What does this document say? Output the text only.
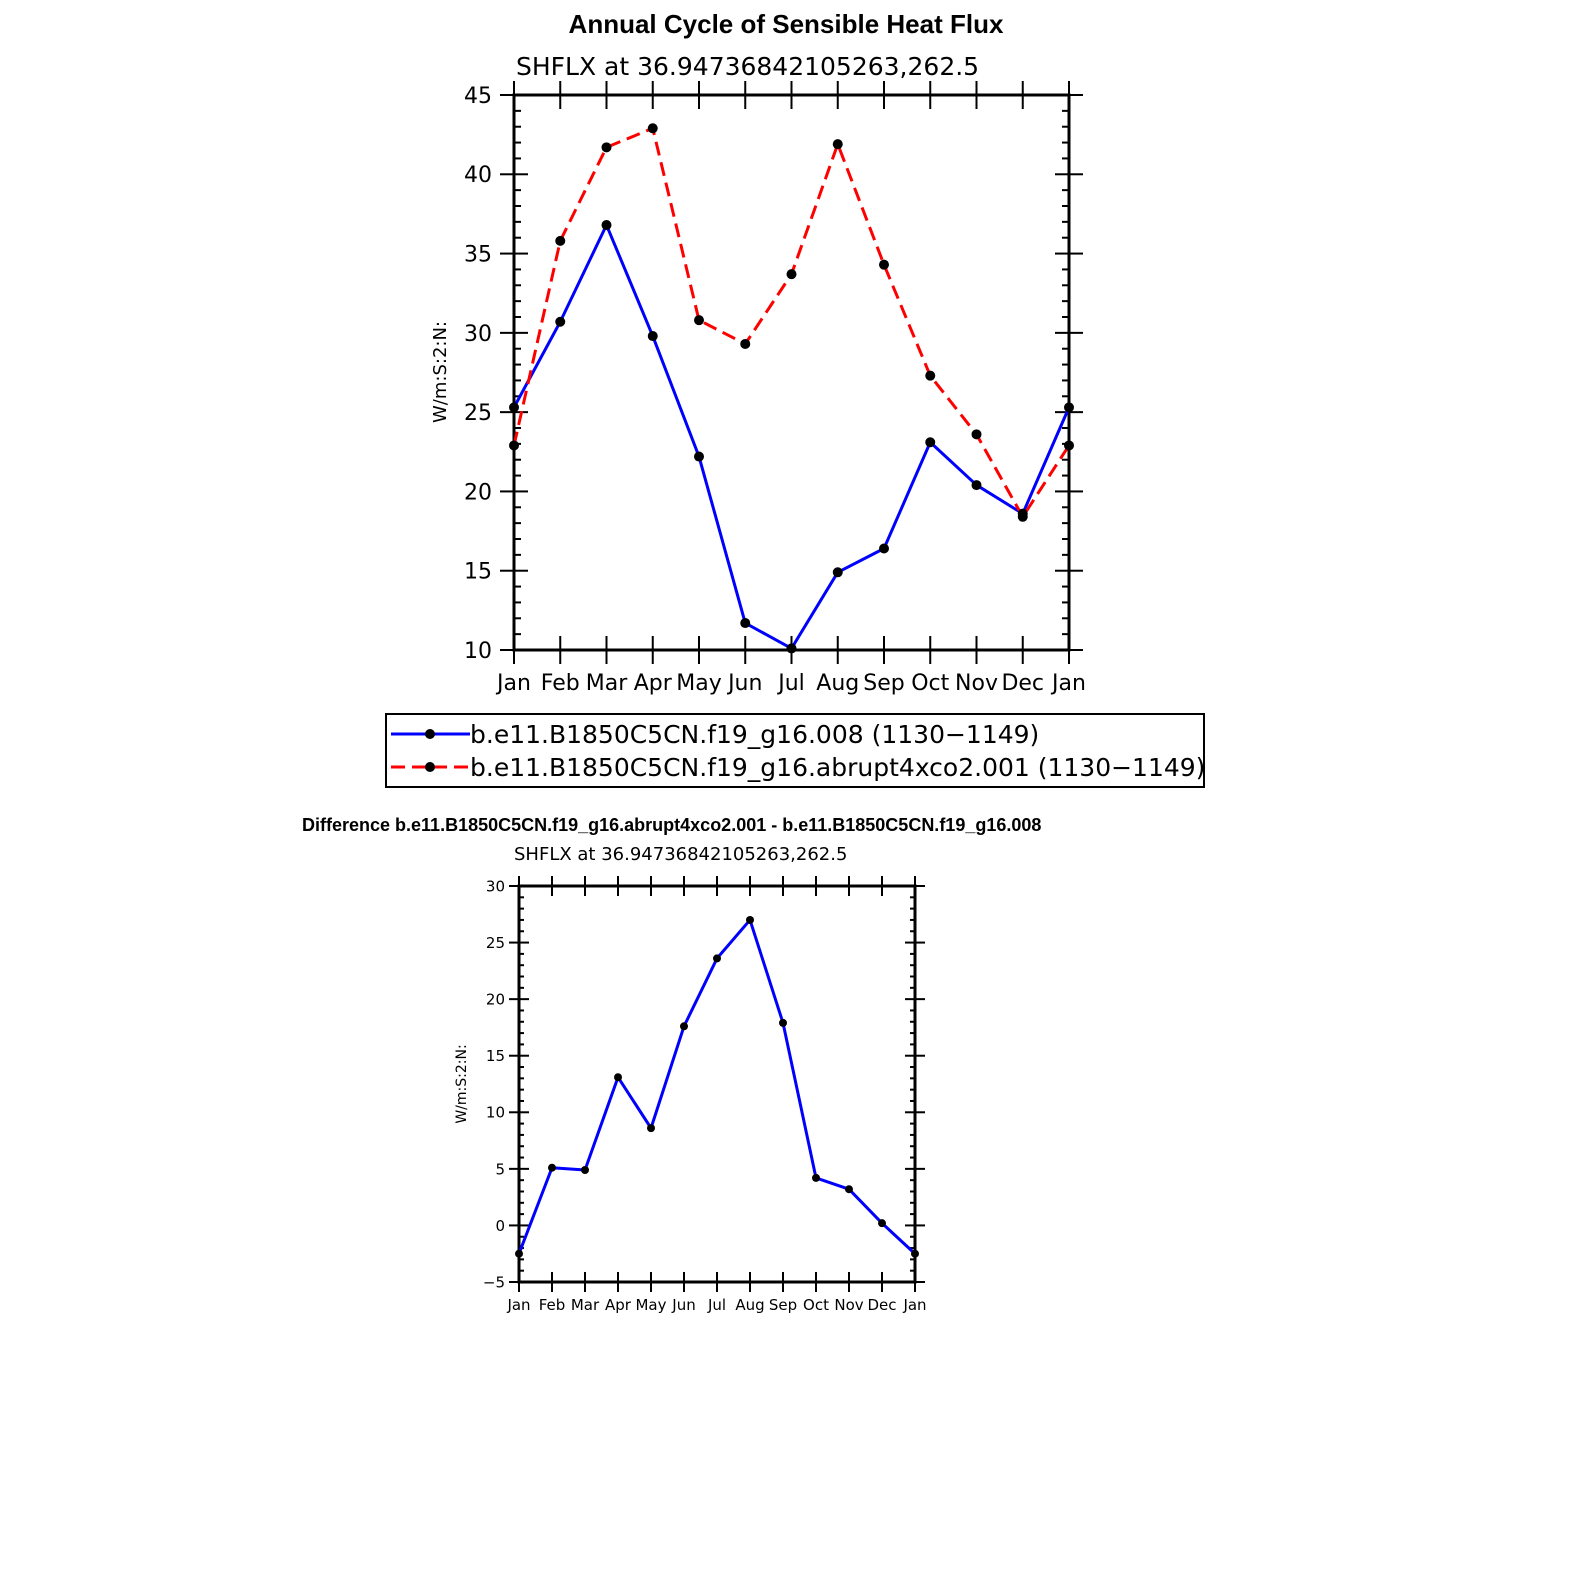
Annual Cycle of Sensible Heat Flux
SHFLX at 36.94736842105263,262.5
Difference b.e11.B1850C5CN.f19_g16.abrupt4xco2.001 - b.e11.B1850C5CN.f19_g16.008
SHFLX at 36.94736842105263,262.5
Jan Feb Mar Apr May Jun Jul Aug Sep Oct Nov Dec Jan
10
15
20
25
30
35
40
45
W/m:S:2:N:
b.e11.B1850C5CN.f19_g16.008 (1130−1149)
b.e11.B1850C5CN.f19_g16.abrupt4xco2.001 (1130−1149)
Jan Feb Mar Apr May Jun Jul Aug Sep Oct Nov Dec Jan
−5
0
5
10
15
20
25
30
W/m:S:2:N:
